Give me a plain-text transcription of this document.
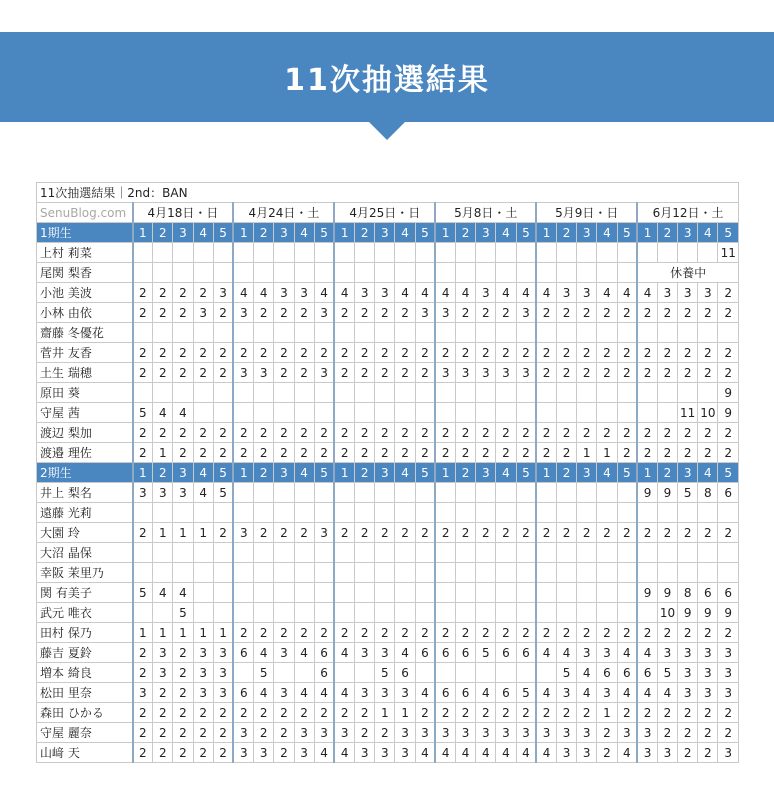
11次抽選結果
11次抽選結果｜2nd：BAN																														
SenuBlog.com	4月18日・日					4月24日・土					4月25日・日					5月8日・土					5月9日・日					6月12日・土				
1期生	1	2	3	4	5	1	2	3	4	5	1	2	3	4	5	1	2	3	4	5	1	2	3	4	5	1	2	3	4	5
上村 莉菜																														11
尾関 梨香																										休養中				
小池 美波	2	2	2	2	3	4	4	3	3	4	4	3	3	4	4	4	4	3	4	4	4	3	3	4	4	4	3	3	3	2
小林 由依	2	2	2	3	2	3	2	2	2	3	2	2	2	2	3	3	2	2	2	3	2	2	2	2	2	2	2	2	2	2
齋藤 冬優花																														
菅井 友香	2	2	2	2	2	2	2	2	2	2	2	2	2	2	2	2	2	2	2	2	2	2	2	2	2	2	2	2	2	2
土生 瑞穂	2	2	2	2	2	3	3	2	2	3	2	2	2	2	2	3	3	3	3	3	2	2	2	2	2	2	2	2	2	2
原田 葵																														9
守屋 茜	5	4	4																									11	10	9
渡辺 梨加	2	2	2	2	2	2	2	2	2	2	2	2	2	2	2	2	2	2	2	2	2	2	2	2	2	2	2	2	2	2
渡邉 理佐	2	1	2	2	2	2	2	2	2	2	2	2	2	2	2	2	2	2	2	2	2	2	1	1	2	2	2	2	2	2
2期生	1	2	3	4	5	1	2	3	4	5	1	2	3	4	5	1	2	3	4	5	1	2	3	4	5	1	2	3	4	5
井上 梨名	3	3	3	4	5																					9	9	5	8	6
遠藤 光莉																														
大園 玲	2	1	1	1	2	3	2	2	2	3	2	2	2	2	2	2	2	2	2	2	2	2	2	2	2	2	2	2	2	2
大沼 晶保																														
幸阪 茉里乃																														
関 有美子	5	4	4																							9	9	8	6	6
武元 唯衣			5																								10	9	9	9
田村 保乃	1	1	1	1	1	2	2	2	2	2	2	2	2	2	2	2	2	2	2	2	2	2	2	2	2	2	2	2	2	2
藤吉 夏鈴	2	3	2	3	3	6	4	3	4	6	4	3	3	4	6	6	6	5	6	6	4	4	3	3	4	4	3	3	3	3
増本 綺良	2	3	2	3	3		5			6			5	6								5	4	6	6	6	5	3	3	3
松田 里奈	3	2	2	3	3	6	4	3	4	4	4	3	3	3	4	6	6	4	6	5	4	3	4	3	4	4	4	3	3	3
森田 ひかる	2	2	2	2	2	2	2	2	2	2	2	2	1	1	2	2	2	2	2	2	2	2	2	1	2	2	2	2	2	2
守屋 麗奈	2	2	2	2	2	3	2	2	3	3	3	2	2	3	3	3	3	3	3	3	3	3	3	2	3	3	2	2	2	2
山﨑 天	2	2	2	2	2	3	3	2	3	4	4	3	3	3	4	4	4	4	4	4	4	3	3	2	4	3	3	2	2	3
